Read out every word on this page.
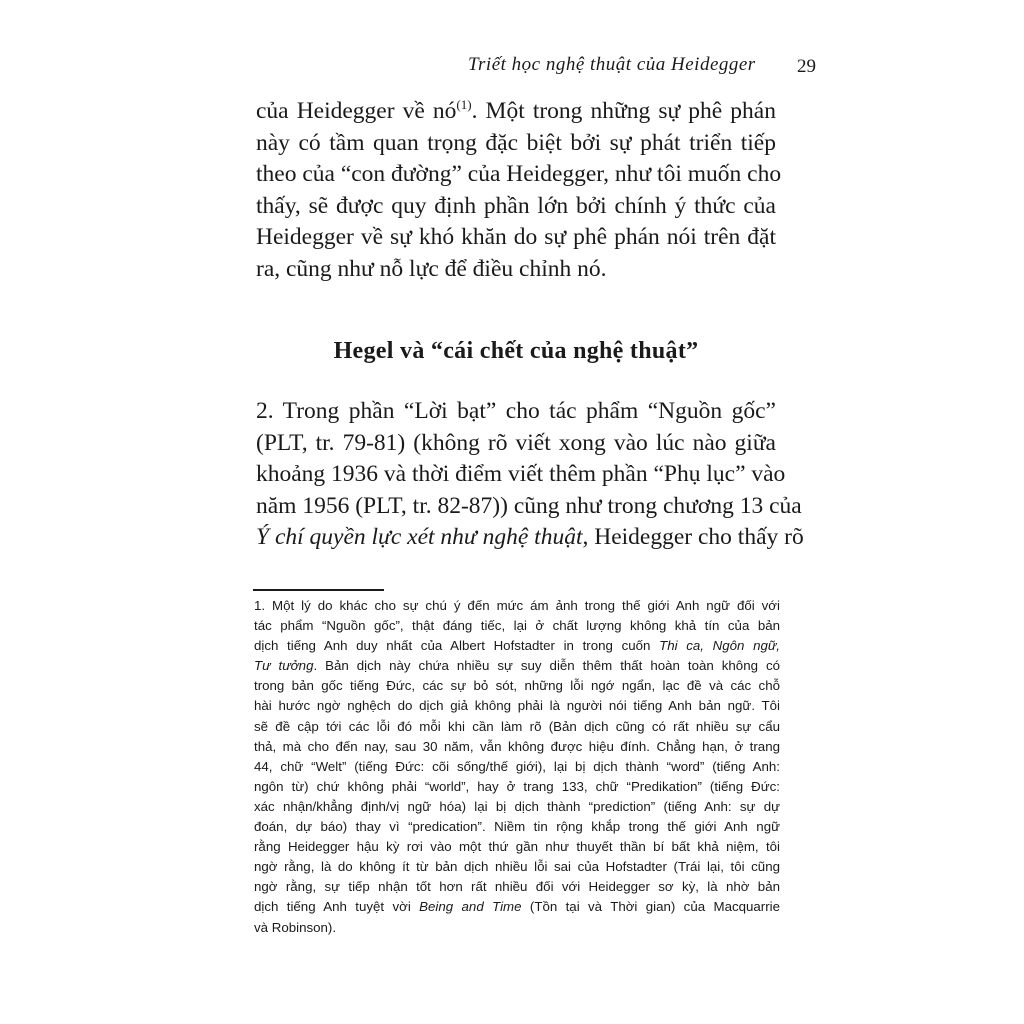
Triết học nghệ thuật của Heidegger 29
của Heidegger về nó$^{(1)}$. Một trong những sự phê phán
này có tầm quan trọng đặc biệt bởi sự phát triển tiếp
theo của “con đường” của Heidegger, như tôi muốn cho
thấy, sẽ được quy định phần lớn bởi chính ý thức của
Heidegger về sự khó khăn do sự phê phán nói trên đặt
ra, cũng như nỗ lực để điều chỉnh nó.
Hegel và “cái chết của nghệ thuật”
2. Trong phần “Lời bạt” cho tác phẩm “Nguồn gốc”
(PLT, tr. 79-81) (không rõ viết xong vào lúc nào giữa
khoảng 1936 và thời điểm viết thêm phần “Phụ lục” vào
năm 1956 (PLT, tr. 82-87)) cũng như trong chương 13 của
Ý chí quyền lực xét như nghệ thuật, Heidegger cho thấy rõ
1. Một lý do khác cho sự chú ý đến mức ám ảnh trong thế giới Anh ngữ đối với
tác phẩm “Nguồn gốc”, thật đáng tiếc, lại ở chất lượng không khả tín của bản
dịch tiếng Anh duy nhất của Albert Hofstadter in trong cuốn Thi ca, Ngôn ngữ,
Tư tưởng. Bản dịch này chứa nhiều sự suy diễn thêm thất hoàn toàn không có
trong bản gốc tiếng Đức, các sự bỏ sót, những lỗi ngớ ngẩn, lạc đề và các chỗ
hài hước ngờ nghệch do dịch giả không phải là người nói tiếng Anh bản ngữ. Tôi
sẽ đề cập tới các lỗi đó mỗi khi cần làm rõ (Bản dịch cũng có rất nhiều sự cẩu
thả, mà cho đến nay, sau 30 năm, vẫn không được hiệu đính. Chẳng hạn, ở trang
44, chữ “Welt” (tiếng Đức: cõi sống/thế giới), lại bị dịch thành “word” (tiếng Anh:
ngôn từ) chứ không phải “world”, hay ở trang 133, chữ “Predikation” (tiếng Đức:
xác nhận/khẳng định/vị ngữ hóa) lại bị dịch thành “prediction” (tiếng Anh: sự dự
đoán, dự báo) thay vì “predication”. Niềm tin rộng khắp trong thế giới Anh ngữ
rằng Heidegger hậu kỳ rơi vào một thứ gần như thuyết thần bí bất khả niệm, tôi
ngờ rằng, là do không ít từ bản dịch nhiều lỗi sai của Hofstadter (Trái lại, tôi cũng
ngờ rằng, sự tiếp nhận tốt hơn rất nhiều đối với Heidegger sơ kỳ, là nhờ bản
dịch tiếng Anh tuyệt vời Being and Time (Tồn tại và Thời gian) của Macquarrie
và Robinson).
